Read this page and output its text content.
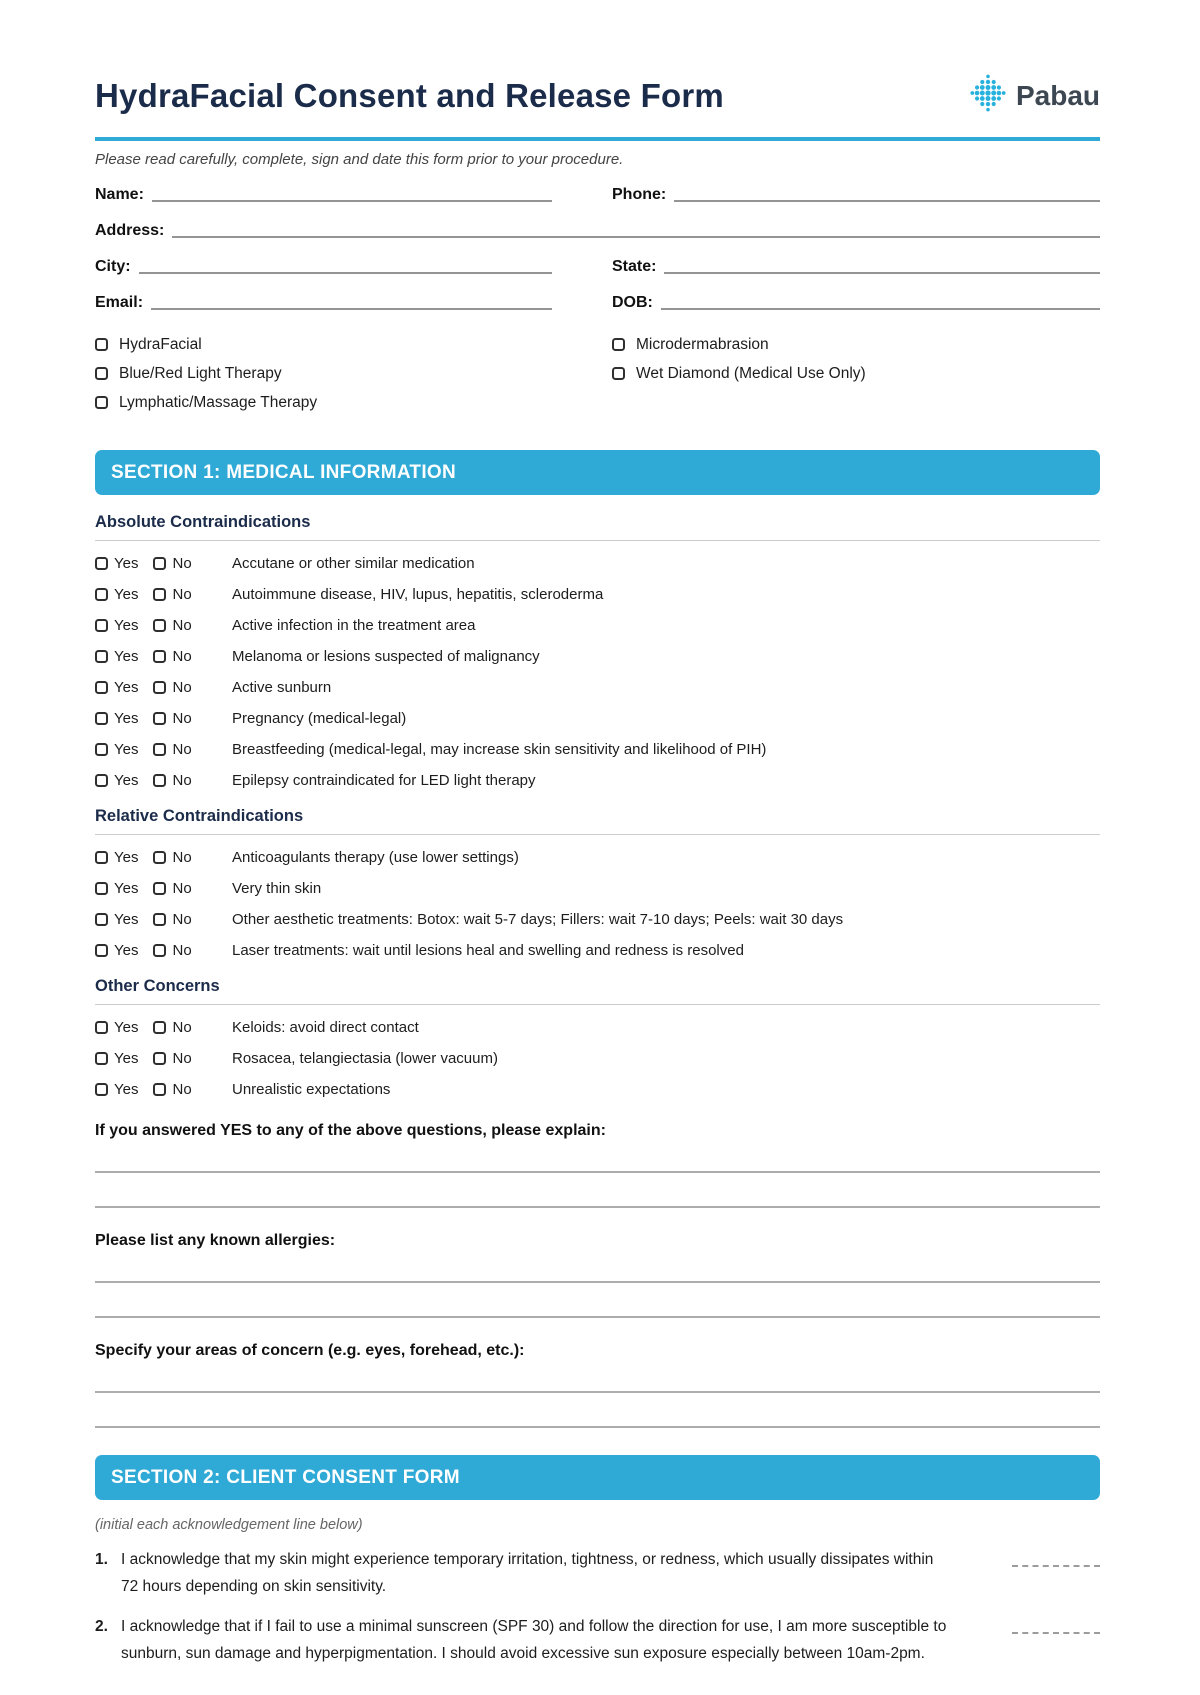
HydraFacial Consent and Release Form	Pabau

Please read carefully, complete, sign and date this form prior to your procedure.

Name:	Phone:
Address:
City:	State:
Email:	DOB:
HydraFacial
Blue/Red Light Therapy
Lymphatic/Massage Therapy
Microdermabrasion
Wet Diamond (Medical Use Only)
SECTION 1: MEDICAL INFORMATION
Absolute Contraindications
Yes No	Accutane or other similar medication
Yes No	Autoimmune disease, HIV, lupus, hepatitis, scleroderma
Yes No	Active infection in the treatment area
Yes No	Melanoma or lesions suspected of malignancy
Yes No	Active sunburn
Yes No	Pregnancy (medical-legal)
Yes No	Breastfeeding (medical-legal, may increase skin sensitivity and likelihood of PIH)
Yes No	Epilepsy contraindicated for LED light therapy
Relative Contraindications
Yes No	Anticoagulants therapy (use lower settings)
Yes No	Very thin skin
Yes No	Other aesthetic treatments: Botox: wait 5-7 days; Fillers: wait 7-10 days; Peels: wait 30 days
Yes No	Laser treatments: wait until lesions heal and swelling and redness is resolved
Other Concerns
Yes No	Keloids: avoid direct contact
Yes No	Rosacea, telangiectasia (lower vacuum)
Yes No	Unrealistic expectations

If you answered YES to any of the above questions, please explain:

Please list any known allergies:

Specify your areas of concern (e.g. eyes, forehead, etc.):

SECTION 2: CLIENT CONSENT FORM

(initial each acknowledgement line below)

1. I acknowledge that my skin might experience temporary irritation, tightness, or redness, which usually dissipates within 72 hours depending on skin sensitivity.
2. I acknowledge that if I fail to use a minimal sunscreen (SPF 30) and follow the direction for use, I am more susceptible to sunburn, sun damage and hyperpigmentation. I should avoid excessive sun exposure especially between 10am-2pm.
